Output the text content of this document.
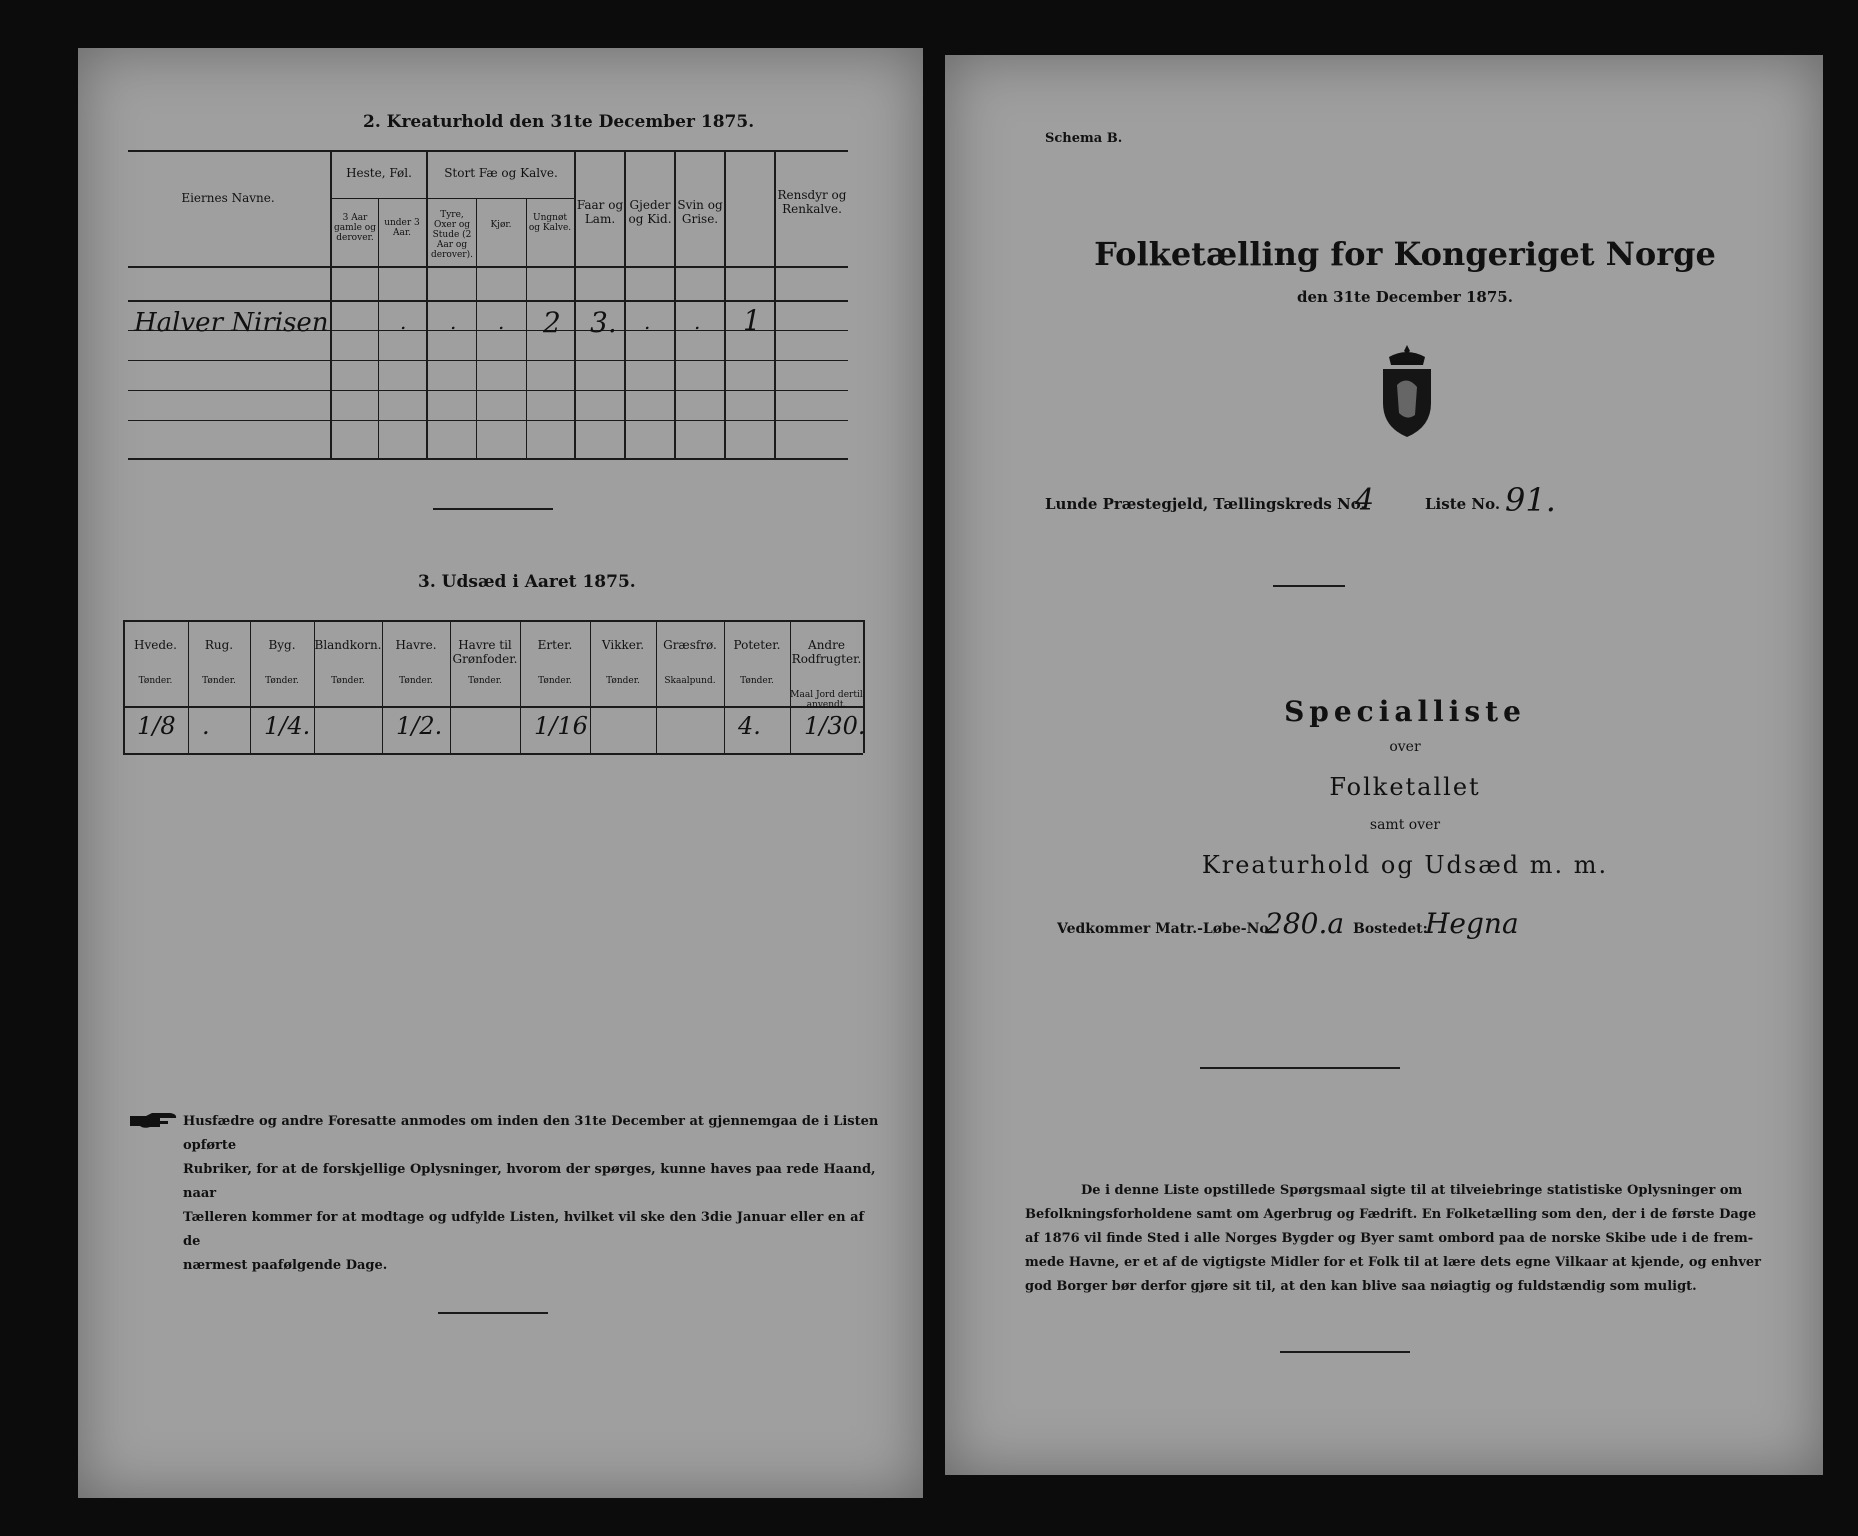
2. Kreaturhold den 31te December 1875.
Eiernes Navne.
Heste, Føl.
3 Aar gamle og derover.
under 3 Aar.
Stort Fæ og Kalve.
Tyre, Oxer og Stude (2 Aar og derover).
Kjør.
Ungnøt og Kalve.
Faar og Lam.
Gjeder og Kid.
Svin og Grise.
Rensdyr og Renkalve.
Halver Nirisen	. . . 2 3. . . 1
3. Udsæd i Aaret 1875.
Husfædre og andre Foresatte anmodes om inden den 31te December at gjennemgaa de i Listen opførte
Rubriker, for at de forskjellige Oplysninger, hvorom der spørges, kunne haves paa rede Haand, naar
Tælleren kommer for at modtage og udfylde Listen, hvilket vil ske den 3die Januar eller en af de
nærmest paafølgende Dage.
Hvede.
Tønder.
1/8
Rug.
Tønder.
.
Byg.
Tønder.
1/4.
Blandkorn.
Tønder.
Havre.
Tønder.
1/2.
Havre til Grønfoder.
Tønder.
Erter.
Tønder.
1/16
Vikker.
Tønder.
Græsfrø.
Skaalpund.
Poteter.
Tønder.
4.
Andre Rodfrugter.
Maal Jord dertil anvendt.
1/30.
Schema B.
Folketælling for Kongeriget Norge
den 31te December 1875.
Lunde Præstegjeld, Tællingskreds No.
4	Liste No. 91.
Specialliste
over
Folketallet
samt over
Kreaturhold og Udsæd m. m.
Vedkommer Matr.-Løbe-No.
280.a Bostedet:
Hegna
De i denne Liste opstillede Spørgsmaal sigte til at tilveiebringe statistiske Oplysninger om
Befolkningsforholdene samt om Agerbrug og Fædrift. En Folketælling som den, der i de første Dage
af 1876 vil finde Sted i alle Norges Bygder og Byer samt ombord paa de norske Skibe ude i de frem-
mede Havne, er et af de vigtigste Midler for et Folk til at lære dets egne Vilkaar at kjende, og enhver
god Borger bør derfor gjøre sit til, at den kan blive saa nøiagtig og fuldstændig som muligt.
